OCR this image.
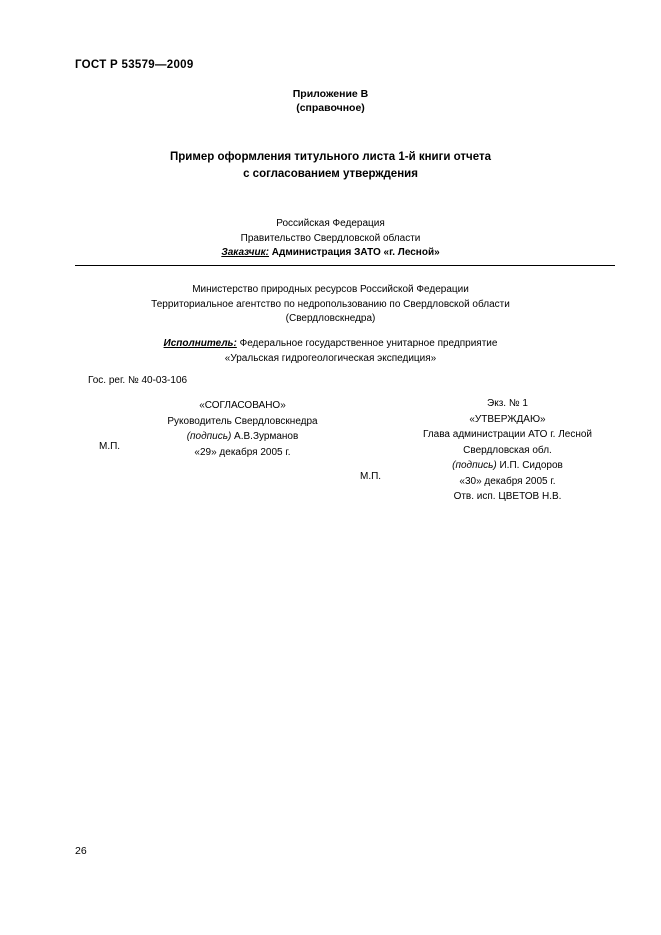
ГОСТ Р 53579—2009
Приложение В
(справочное)
Пример оформления титульного листа 1-й книги отчета
с согласованием утверждения
Российская Федерация
Правительство Свердловской области
Заказчик: Администрация ЗАТО «г. Лесной»
Министерство природных ресурсов Российской Федерации
Территориальное агентство по недропользованию по Свердловской области
(Свердловскнедра)
Исполнитель: Федеральное государственное унитарное предприятие
«Уральская гидрогеологическая экспедиция»
Гос. рег. № 40-03-106
«СОГЛАСОВАНО»
Руководитель Свердловскнедра
(подпись) А.В.Зурманов
«29» декабря 2005 г.
М.П.
Экз. № 1
«УТВЕРЖДАЮ»
Глава администрации АТО г. Лесной
Свердловская обл.
(подпись) И.П. Сидоров
«30» декабря 2005 г.
Отв. исп. ЦВЕТОВ Н.В.
М.П.
26
